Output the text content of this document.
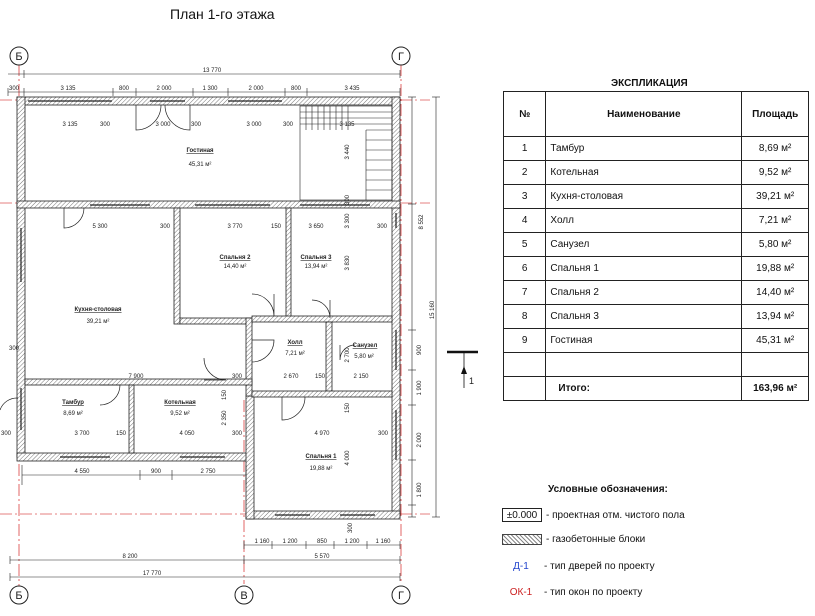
План 1-го этажа
Б	Г
Б	В	Г
13 770
300	3 135	800	2 000	1 300	2 000	800	3 435
3 135	300	3 000	300	3 000	300	3 135
5 300	300	3 770	150	3 650	300
7 900	300	2 670	150	2 150
3 700	150	4 050	300	4 970	300
4 550	900	2 750
1 160 1 200	850	1 200	1 160
8 200	5 570
17 770
300
300
8 552
15 160
900
1 900
2 000
1 800
300
3 440
3 300
3 830
2 700
150
2 350
4 000
150
300
1
Гостиная
45,31 м²
Кухня-столовая
39,21 м²
Спальня 2
14,40 м²
Спальня 3
13,94 м²
Холл
7,21 м²
Санузел
5,80 м²
Тамбур
8,69 м²
Котельная
9,52 м²
Спальня 1
19,88 м²
ЭКСПЛИКАЦИЯ
№	Наименование	Площадь
1	Тамбур	8,69 м²
2	Котельная	9,52 м²
3	Кухня-столовая	39,21 м²
4	Холл	7,21 м²
5	Санузел	5,80 м²
6	Спальня 1	19,88 м²
7	Спальня 2	14,40 м²
8	Спальня 3	13,94 м²
9	Гостиная	45,31 м²

	Итого:	163,96 м²
Условные обозначения:
±0.000 - проектная отм. чистого пола
- газобетонные блоки
Д-1	- тип дверей по проекту
ОК-1	- тип окон по проекту
